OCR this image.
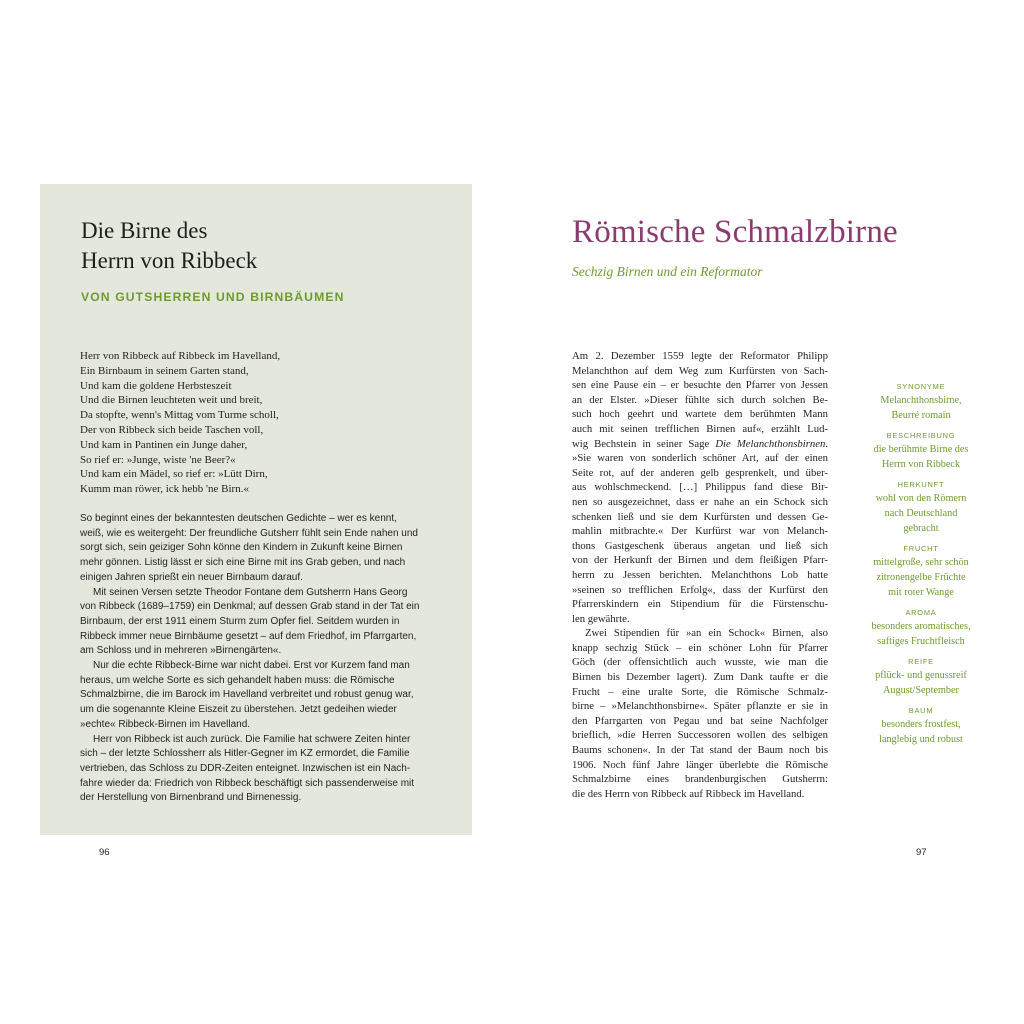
Die Birne des
Herrn von Ribbeck
VON GUTSHERREN UND BIRNBÄUMEN
Herr von Ribbeck auf Ribbeck im Havelland,
Ein Birnbaum in seinem Garten stand,
Und kam die goldene Herbsteszeit
Und die Birnen leuchteten weit und breit,
Da stopfte, wenn's Mittag vom Turme scholl,
Der von Ribbeck sich beide Taschen voll,
Und kam in Pantinen ein Junge daher,
So rief er: »Junge, wiste 'ne Beer?«
Und kam ein Mädel, so rief er: »Lütt Dirn,
Kumm man röwer, ick hebb 'ne Birn.«
So beginnt eines der bekanntesten deutschen Gedichte – wer es kennt,
weiß, wie es weitergeht: Der freundliche Gutsherr fühlt sein Ende nahen und
sorgt sich, sein geiziger Sohn könne den Kindern in Zukunft keine Birnen
mehr gönnen. Listig lässt er sich eine Birne mit ins Grab geben, und nach
einigen Jahren sprießt ein neuer Birnbaum darauf.
Mit seinen Versen setzte Theodor Fontane dem Gutsherrn Hans Georg
von Ribbeck (1689–1759) ein Denkmal; auf dessen Grab stand in der Tat ein
Birnbaum, der erst 1911 einem Sturm zum Opfer fiel. Seitdem wurden in
Ribbeck immer neue Birnbäume gesetzt – auf dem Friedhof, im Pfarrgarten,
am Schloss und in mehreren »Birnengärten«.
Nur die echte Ribbeck-Birne war nicht dabei. Erst vor Kurzem fand man
heraus, um welche Sorte es sich gehandelt haben muss: die Römische
Schmalzbirne, die im Barock im Havelland verbreitet und robust genug war,
um die sogenannte Kleine Eiszeit zu überstehen. Jetzt gedeihen wieder
»echte« Ribbeck-Birnen im Havelland.
Herr von Ribbeck ist auch zurück. Die Familie hat schwere Zeiten hinter
sich – der letzte Schlossherr als Hitler-Gegner im KZ ermordet, die Familie
vertrieben, das Schloss zu DDR-Zeiten enteignet. Inzwischen ist ein Nach-
fahre wieder da: Friedrich von Ribbeck beschäftigt sich passenderweise mit
der Herstellung von Birnenbrand und Birnenessig.
Römische Schmalzbirne
Sechzig Birnen und ein Reformator
Am 2. Dezember 1559 legte der Reformator Philipp
Melanchthon auf dem Weg zum Kurfürsten von Sach-
sen eine Pause ein – er besuchte den Pfarrer von Jessen
an der Elster. »Dieser fühlte sich durch solchen Be-
such hoch geehrt und wartete dem berühmten Mann
auch mit seinen trefflichen Birnen auf«, erzählt Lud-
wig Bechstein in seiner Sage Die Melanchthonsbirnen.
»Sie waren von sonderlich schöner Art, auf der einen
Seite rot, auf der anderen gelb gesprenkelt, und über-
aus wohlschmeckend. […] Philippus fand diese Bir-
nen so ausgezeichnet, dass er nahe an ein Schock sich
schenken ließ und sie dem Kurfürsten und dessen Ge-
mahlin mitbrachte.« Der Kurfürst war von Melanch-
thons Gastgeschenk überaus angetan und ließ sich
von der Herkunft der Birnen und dem fleißigen Pfarr-
herrn zu Jessen berichten. Melanchthons Lob hatte
»seinen so trefflichen Erfolg«, dass der Kurfürst den
Pfarrerskindern ein Stipendium für die Fürstenschu-
len gewährte.
Zwei Stipendien für »an ein Schock« Birnen, also
knapp sechzig Stück – ein schöner Lohn für Pfarrer
Göch (der offensichtlich auch wusste, wie man die
Birnen bis Dezember lagert). Zum Dank taufte er die
Frucht – eine uralte Sorte, die Römische Schmalz-
birne – »Melanchthonsbirne«. Später pflanzte er sie in
den Pfarrgarten von Pegau und bat seine Nachfolger
brieflich, »die Herren Successoren wollen des selbigen
Baums schonen«. In der Tat stand der Baum noch bis
1906. Noch fünf Jahre länger überlebte die Römische
Schmalzbirne eines brandenburgischen Gutsherrn:
die des Herrn von Ribbeck auf Ribbeck im Havelland.
SYNONYME
Melanchthonsbirne,
Beurré romain
BESCHREIBUNG
die berühmte Birne des
Herrn von Ribbeck
HERKUNFT
wohl von den Römern
nach Deutschland
gebracht
FRUCHT
mittelgroße, sehr schön
zitronengelbe Früchte
mit roter Wange
AROMA
besonders aromatisches,
saftiges Fruchtfleisch
REIFE
pflück- und genussreif
August/September
BAUM
besonders frostfest,
langlebig und robust
96	97
